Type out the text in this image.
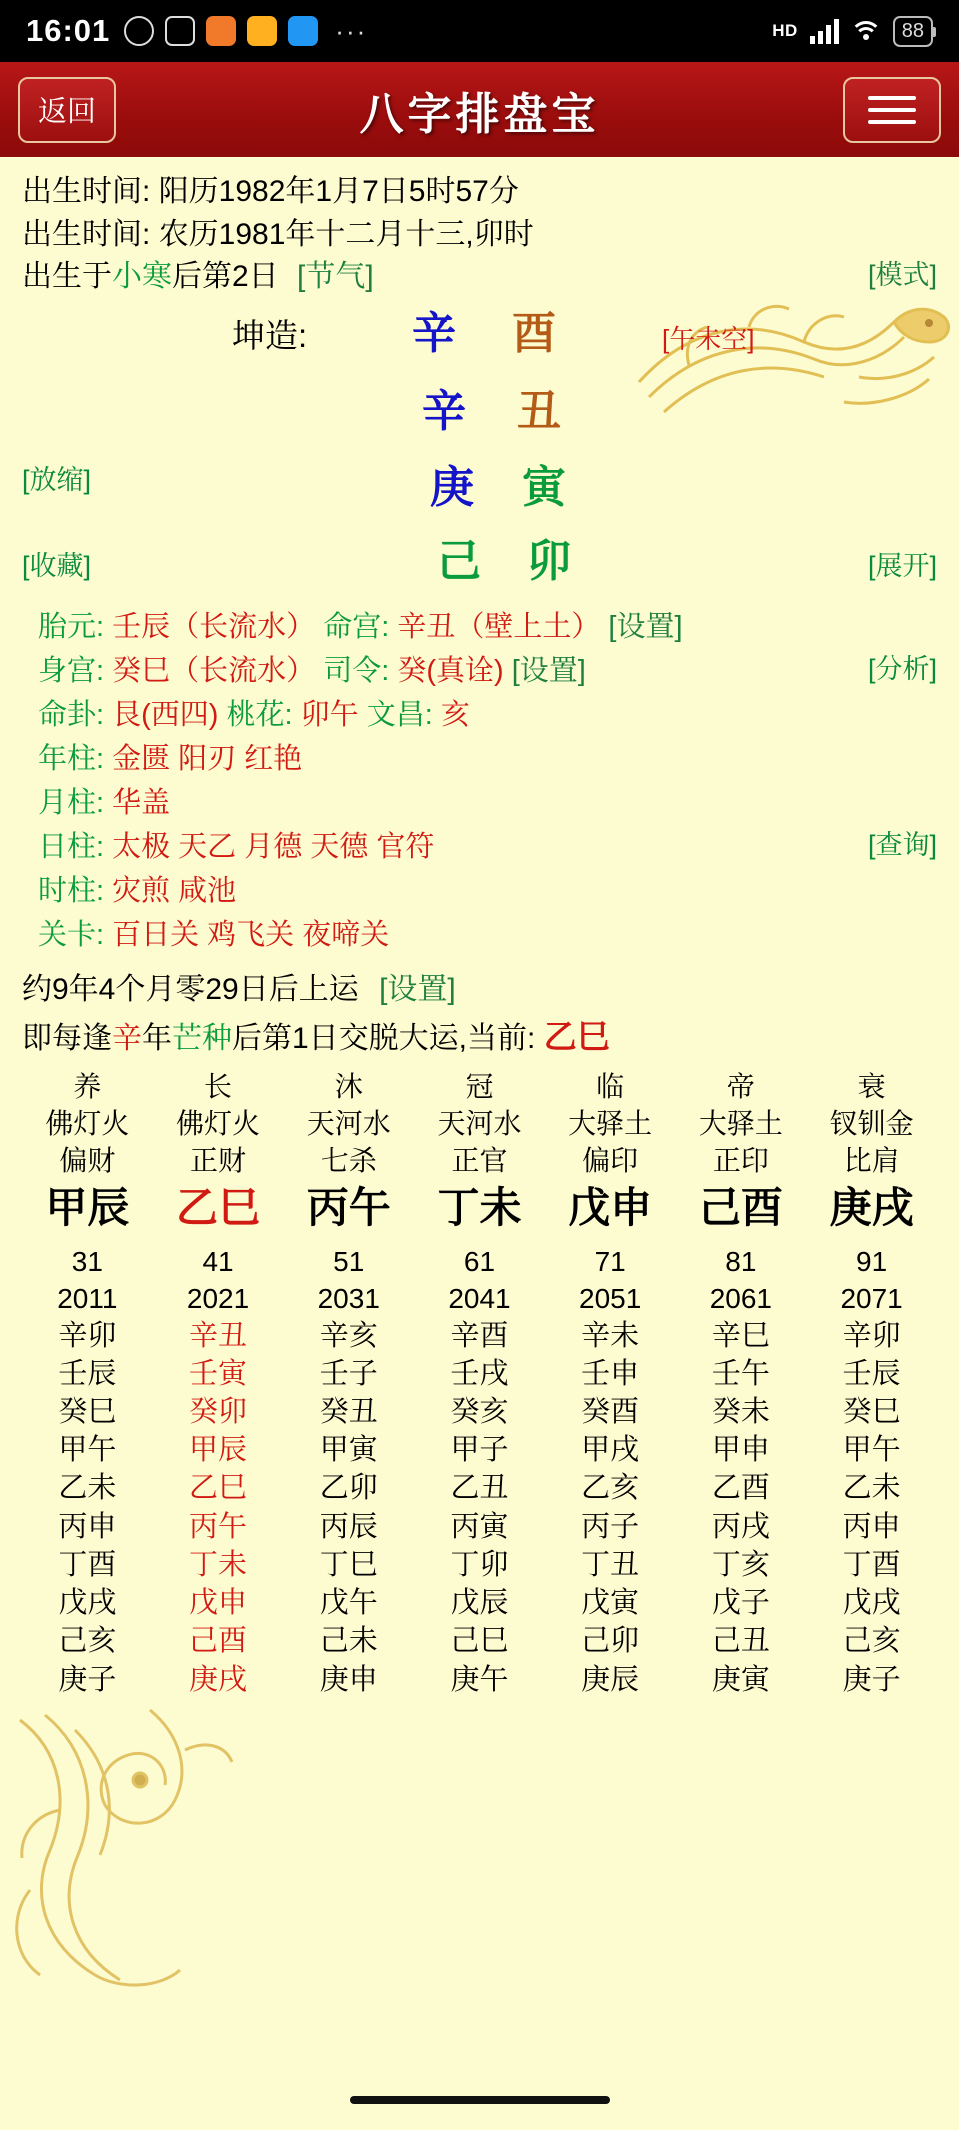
16:01	···	HD	88
返回	八字排盘宝
出生时间: 阳历1982年1月7日5时57分
出生时间: 农历1981年十二月十三,卯时
出生于小寒后第2日 [节气]	[模式]
坤造:	[午未空]
辛 酉
辛 丑
庚 寅
己 卯
[放缩]
[收藏]	[展开]
胎元: 壬辰（长流水） 命宫: 辛丑（壁上土） [设置]
身宫: 癸巳（长流水） 司令: 癸(真诠) [设置]	[分析]
命卦: 艮(西四) 桃花: 卯午 文昌: 亥
年柱: 金匮 阳刃 红艳
月柱: 华盖
日柱: 太极 天乙 月德 天德 官符	[查询]
时柱: 灾煎 咸池
关卡: 百日关 鸡飞关 夜啼关
约9年4个月零29日后上运 [设置]
即每逢辛年芒种后第1日交脱大运,当前: 乙巳
养	长	沐	冠	临	帝	衰
佛灯火	佛灯火	天河水	天河水	大驿土	大驿土	钗钏金
偏财	正财	七杀	正官	偏印	正印	比肩
甲辰	乙巳	丙午	丁未	戊申	己酉	庚戌
31	41	51	61	71	81	91
2011	2021	2031	2041	2051	2061	2071
辛卯	辛丑	辛亥	辛酉	辛未	辛巳	辛卯
壬辰	壬寅	壬子	壬戌	壬申	壬午	壬辰
癸巳	癸卯	癸丑	癸亥	癸酉	癸未	癸巳
甲午	甲辰	甲寅	甲子	甲戌	甲申	甲午
乙未	乙巳	乙卯	乙丑	乙亥	乙酉	乙未
丙申	丙午	丙辰	丙寅	丙子	丙戌	丙申
丁酉	丁未	丁巳	丁卯	丁丑	丁亥	丁酉
戊戌	戊申	戊午	戊辰	戊寅	戊子	戊戌
己亥	己酉	己未	己巳	己卯	己丑	己亥
庚子	庚戌	庚申	庚午	庚辰	庚寅	庚子
